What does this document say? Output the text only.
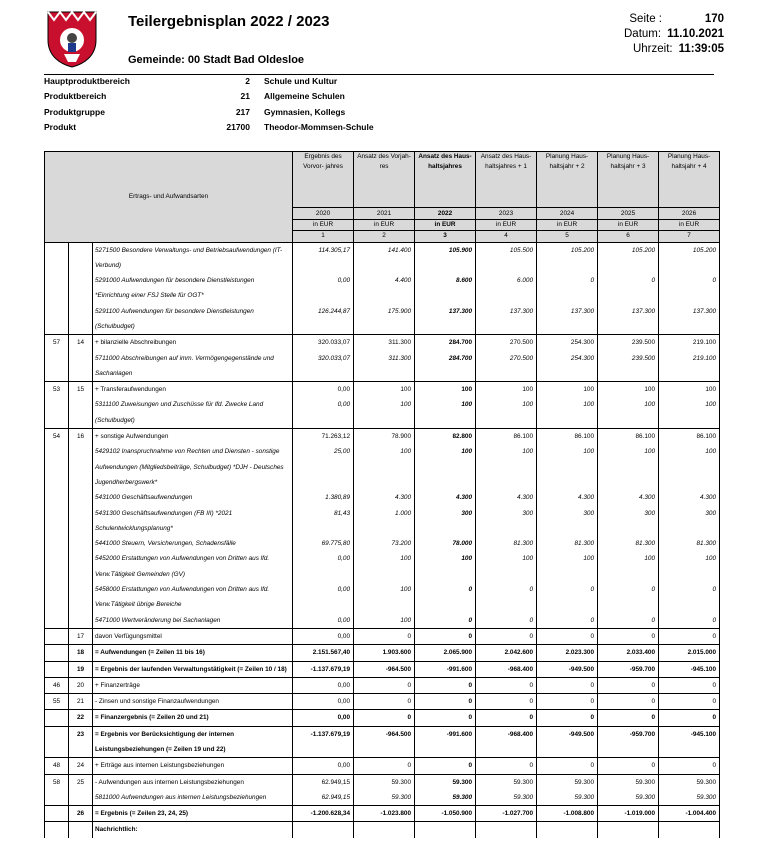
Teilergebnisplan 2022 / 2023
Gemeinde: 00 Stadt Bad Oldesloe
Seite :	170
Datum: 11.10.2021
Uhrzeit: 11:39:05
Hauptproduktbereich	2 Schule und Kultur
Produktbereich	21 Allgemeine Schulen
Produktgruppe	217 Gymnasien, Kollegs
Produkt	21700 Theodor-Mommsen-Schule
Ertrags- und Aufwandsarten			Ergebnis des Vorvor- jahres	Ansatz des Vorjah- res	Ansatz des Haus- haltsjahres	Ansatz des Haus- haltsjahres + 1	Planung Haus- haltsjahr + 2	Planung Haus- haltsjahr + 3	Planung Haus- haltsjahr + 4
			2020	2021	2022	2023	2024	2025	2026
			in EUR	in EUR	in EUR	in EUR	in EUR	in EUR	in EUR
			1	2	3	4	5	6	7
		5271500 Besondere Verwaltungs- und Betriebsaufwendungen (IT-Verbund)	114.305,17	141.400	105.900	105.500	105.200	105.200	105.200
		5291000 Aufwendungen für besondere Dienstleistungen *Einrichtung einer FSJ Stelle für OGT*	0,00	4.400	8.600	6.000	0	0	0
		5291100 Aufwendungen für besondere Dienstleistungen (Schulbudget)	126.244,87	175.900	137.300	137.300	137.300	137.300	137.300
57	14	+ bilanzielle Abschreibungen	320.033,07	311.300	284.700	270.500	254.300	239.500	219.100
		5711000 Abschreibungen auf imm. Vermögengegenstände und Sachanlagen	320.033,07	311.300	284.700	270.500	254.300	239.500	219.100
53	15	+ Transferaufwendungen	0,00	100	100	100	100	100	100
		5311100 Zuweisungen und Zuschüsse für lfd. Zwecke Land (Schulbudget)	0,00	100	100	100	100	100	100
54	16	+ sonstige Aufwendungen	71.263,12	78.900	82.800	86.100	86.100	86.100	86.100
		5429102 Inanspruchnahme von Rechten und Diensten - sonstige Aufwendungen (Mitgliedsbeiträge, Schulbudget) *DJH - Deutsches Jugendherbergswerk*	25,00	100	100	100	100	100	100
		5431000 Geschäftsaufwendungen	1.380,89	4.300	4.300	4.300	4.300	4.300	4.300
		5431300 Geschäftsaufwendungen (FB III) *2021 Schulentwicklungsplanung*	81,43	1.000	300	300	300	300	300
		5441000 Steuern, Versicherungen, Schadensfälle	69.775,80	73.200	78.000	81.300	81.300	81.300	81.300
		5452000 Erstattungen von Aufwendungen von Dritten aus lfd. Verw.Tätigkeit Gemeinden (GV)	0,00	100	100	100	100	100	100
		5458000 Erstattungen von Aufwendungen von Dritten aus lfd. Verw.Tätigkeit übrige Bereiche	0,00	100	0	0	0	0	0
		5471000 Wertveränderung bei Sachanlagen	0,00	100	0	0	0	0	0
	17	davon Verfügungsmittel	0,00	0	0	0	0	0	0
	18	= Aufwendungen (= Zeilen 11 bis 16)	2.151.567,40	1.903.600	2.065.900	2.042.600	2.023.300	2.033.400	2.015.000
	19	= Ergebnis der laufenden Verwaltungstätigkeit (= Zeilen 10 / 18)	-1.137.679,19	-964.500	-991.600	-968.400	-949.500	-959.700	-945.100
46	20	+ Finanzerträge	0,00	0	0	0	0	0	0
55	21	- Zinsen und sonstige Finanzaufwendungen	0,00	0	0	0	0	0	0
	22	= Finanzergebnis (= Zeilen 20 und 21)	0,00	0	0	0	0	0	0
	23	= Ergebnis vor Berücksichtigung der internen Leistungsbeziehungen (= Zeilen 19 und 22)	-1.137.679,19	-964.500	-991.600	-968.400	-949.500	-959.700	-945.100
48	24	+ Erträge aus internen Leistungsbeziehungen	0,00	0	0	0	0	0	0
58	25	- Aufwendungen aus internen Leistungsbeziehungen	62.949,15	59.300	59.300	59.300	59.300	59.300	59.300
		5811000 Aufwendungen aus internen Leistungsbeziehungen	62.949,15	59.300	59.300	59.300	59.300	59.300	59.300
	26	= Ergebnis (= Zeilen 23, 24, 25)	-1.200.628,34	-1.023.800	-1.050.900	-1.027.700	-1.008.800	-1.019.000	-1.004.400
		Nachrichtlich:							
